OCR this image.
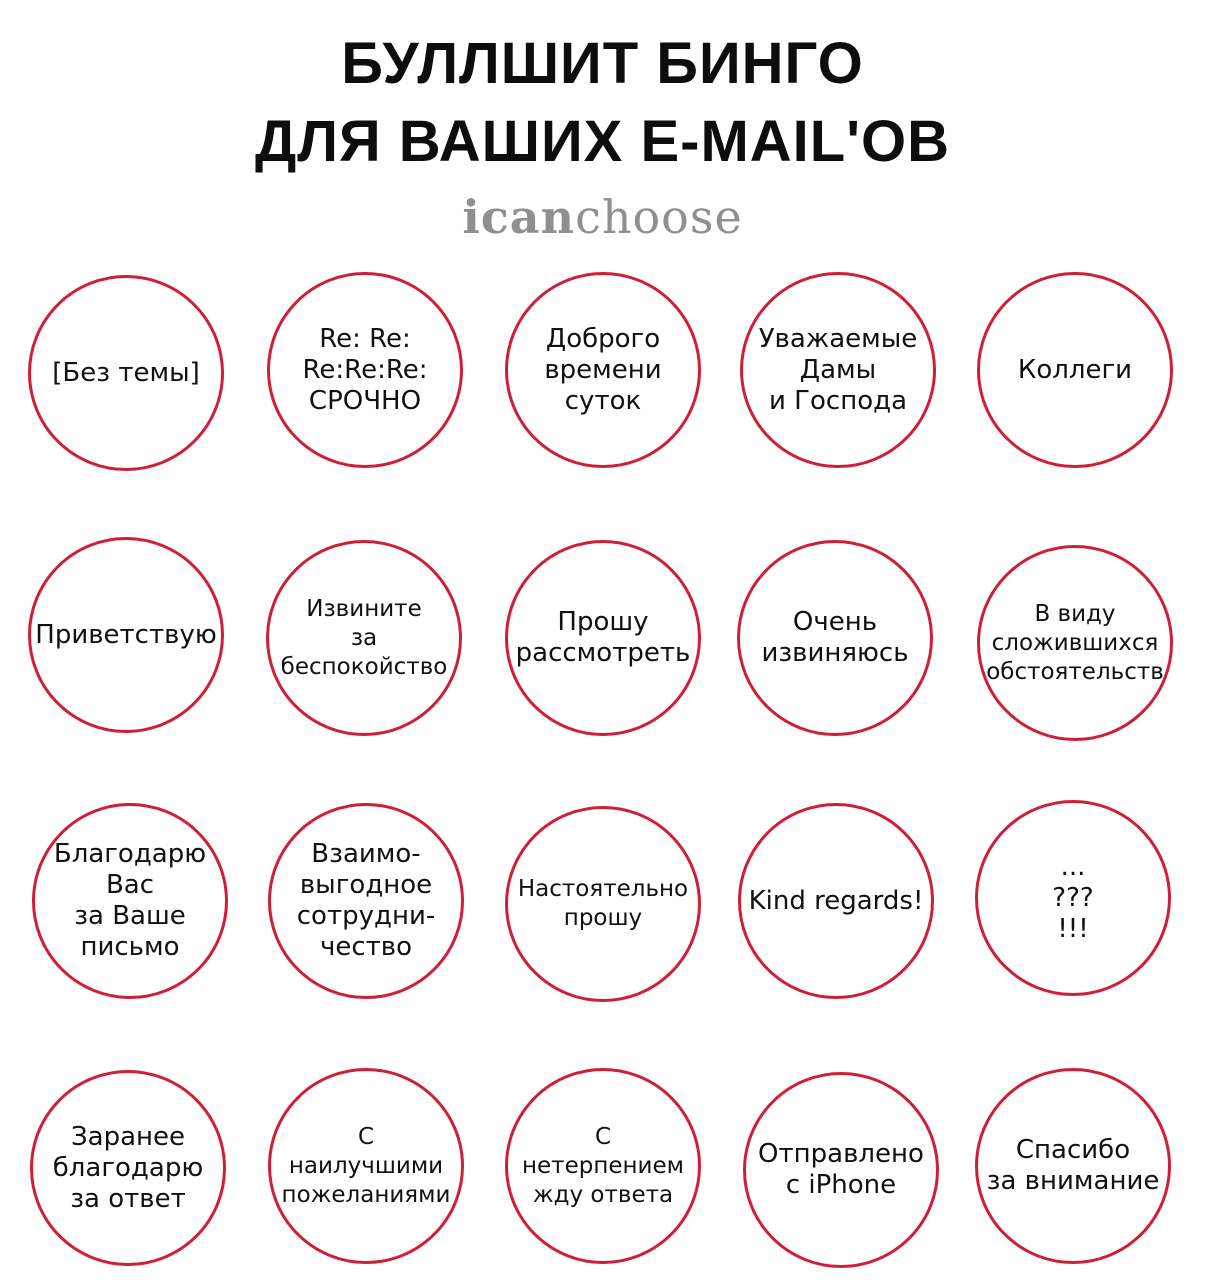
БУЛЛШИТ БИНГО
ДЛЯ ВАШИХ E-MAIL'ОВ
icanchoose
[Без темы]
Re: Re:
Re:Re:Re:
СРОЧНО
Доброго
времени
суток
Уважаемые
Дамы
и Господа
Коллеги
Приветствую
Извините
за
беспокойство
Прошу
рассмотреть
Очень
извиняюсь
В виду
сложившихся
обстоятельств
Благодарю
Вас
за Ваше
письмо
Взаимо-
выгодное
сотрудни-
чество
Настоятельно
прошу
Kind regards!
...
???
!!!
Заранее
благодарю
за ответ
С
наилучшими
пожеланиями
С
нетерпением
жду ответа
Отправлено
с iPhone
Спасибо
за внимание
